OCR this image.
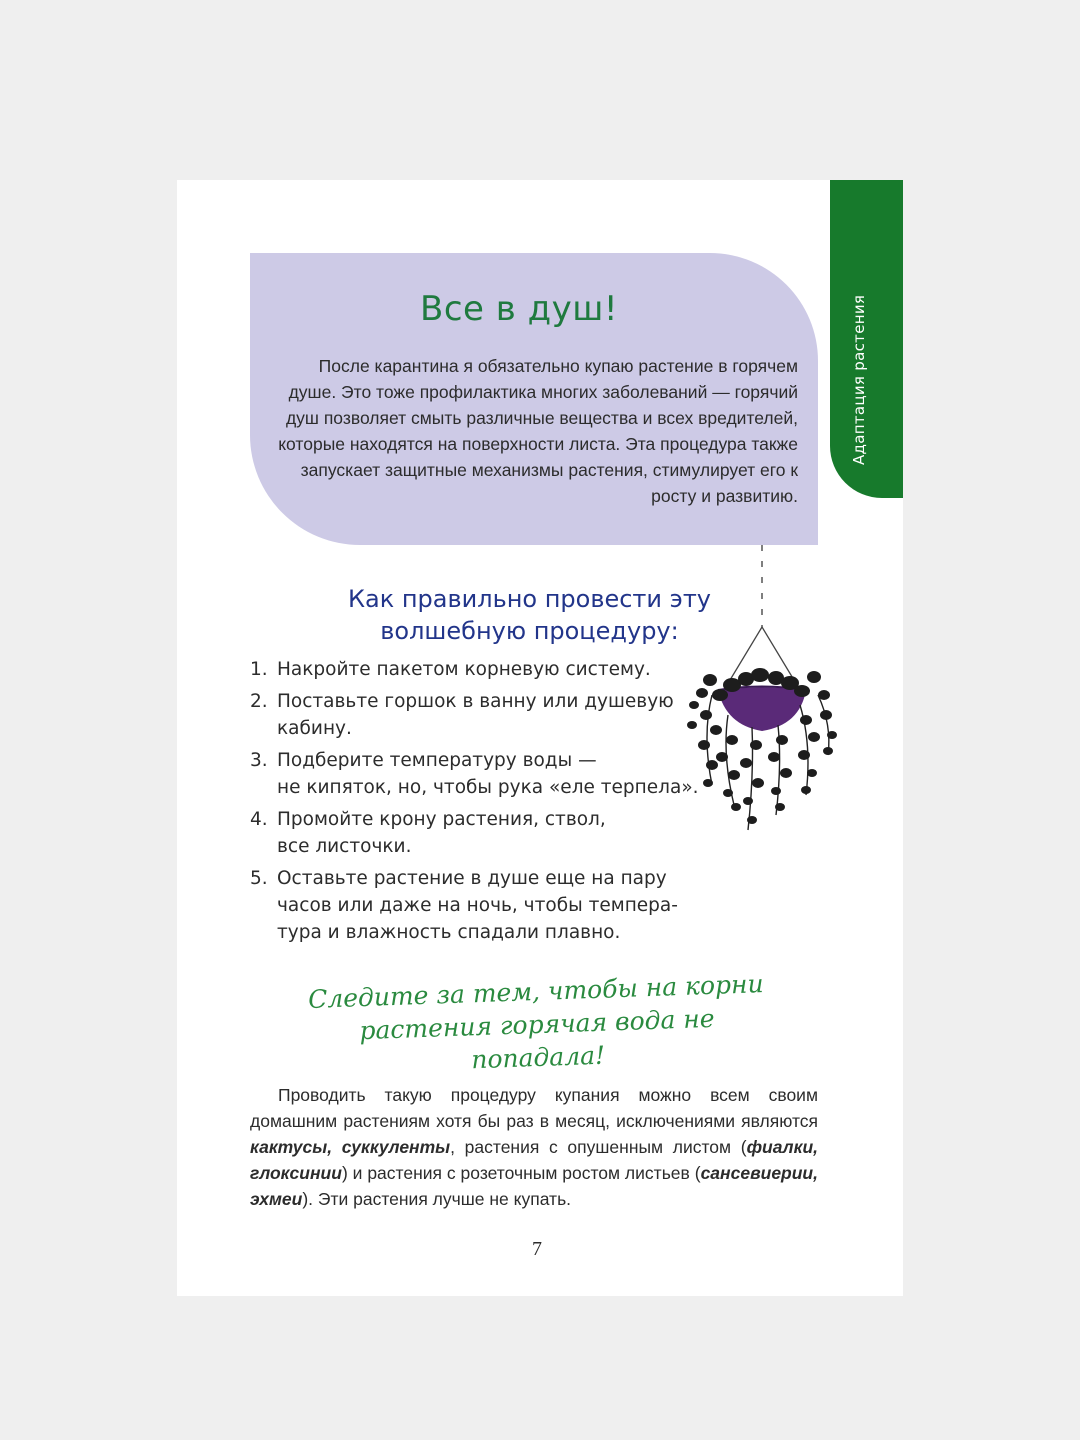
Адаптация растения
Все в душ!

После карантина я обязательно купаю растение в горячем душе. Это тоже профилактика многих заболеваний — горячий душ позволяет смыть различные вещества и всех вредителей, которые находятся на поверхности листа. Эта процедура также запускает защитные механизмы растения, стимулирует его к росту и развитию.

Как правильно провести эту волшебную процедуру:
1. Накройте пакетом корневую систему.
2. Поставьте горшок в ванну или душевую
кабину.
3. Подберите температуру воды —
не кипяток, но, чтобы рука «еле терпела».
4. Промойте крону растения, ствол,
все листочки.
5. Оставьте растение в душе еще на пару
часов или даже на ночь, чтобы темпера-
тура и влажность спадали плавно.
Следите за тем, чтобы на корни растения горячая вода не попадала!

Проводить такую процедуру купания можно всем своим домашним растениям хотя бы раз в месяц, исключениями являются кактусы, суккуленты, растения с опушенным листом (фиалки, глоксинии) и растения с розеточным ростом листьев (сансевиерии, эхмеи). Эти растения лучше не купать.

7
